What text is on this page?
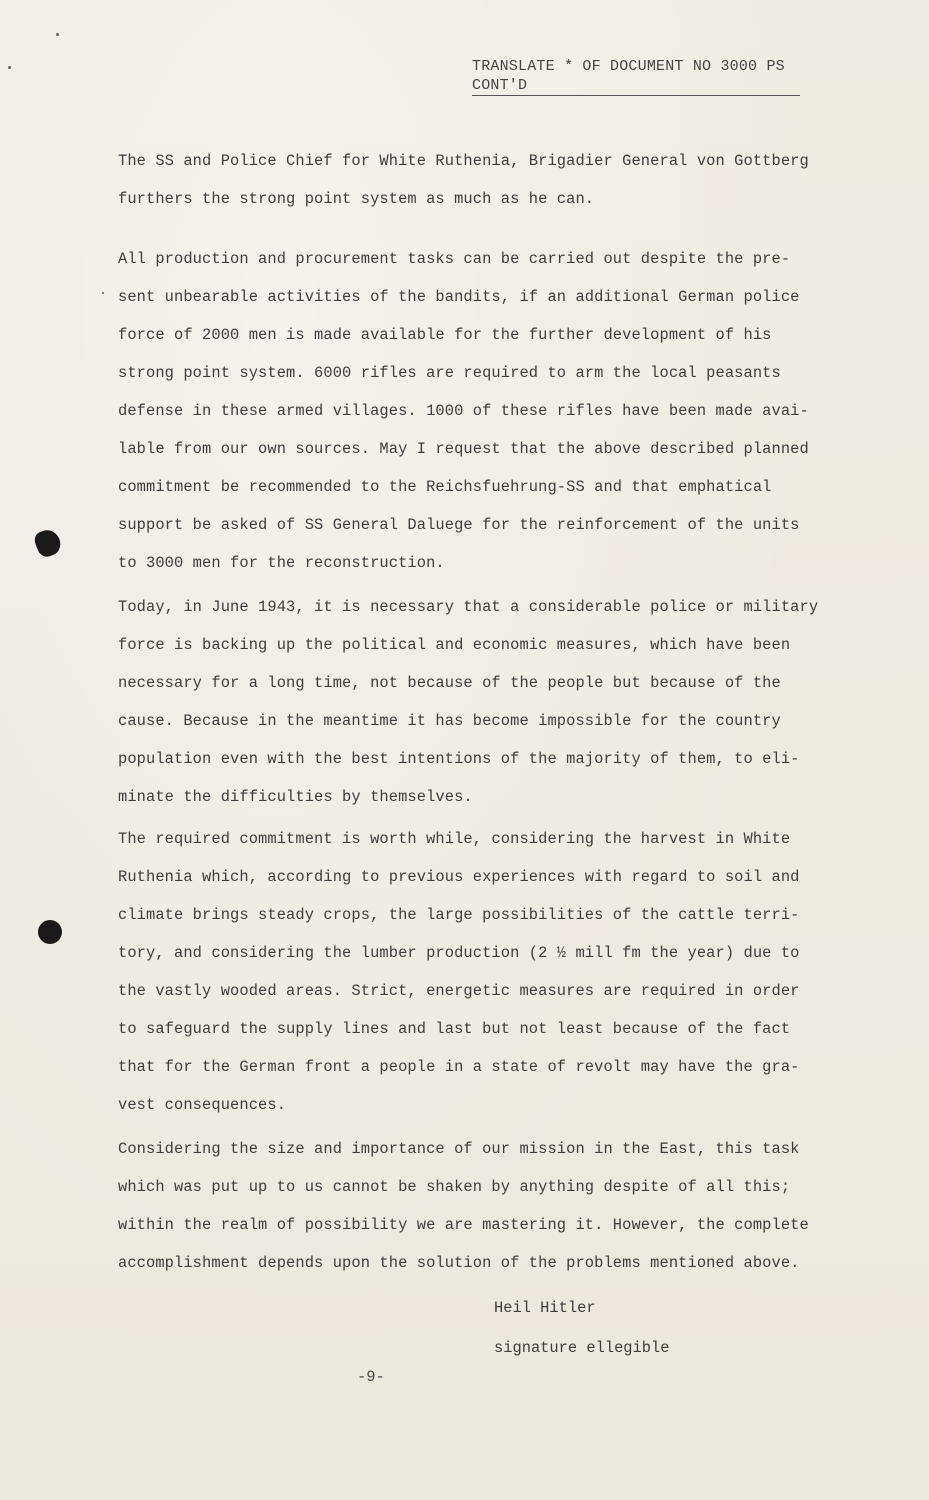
TRANSLATE * OF DOCUMENT NO 3000 PS
CONT'D
The SS and Police Chief for White Ruthenia, Brigadier General von Gottberg
furthers the strong point system as much as he can.
All production and procurement tasks can be carried out despite the pre-
sent unbearable activities of the bandits, if an additional German police
force of 2000 men is made available for the further development of his
strong point system. 6000 rifles are required to arm the local peasants
defense in these armed villages. 1000 of these rifles have been made avai-
lable from our own sources. May I request that the above described planned
commitment be recommended to the Reichsfuehrung-SS and that emphatical
support be asked of SS General Daluege for the reinforcement of the units
to 3000 men for the reconstruction.
Today, in June 1943, it is necessary that a considerable police or military
force is backing up the political and economic measures, which have been
necessary for a long time, not because of the people but because of the
cause. Because in the meantime it has become impossible for the country
population even with the best intentions of the majority of them, to eli-
minate the difficulties by themselves.
The required commitment is worth while, considering the harvest in White
Ruthenia which, according to previous experiences with regard to soil and
climate brings steady crops, the large possibilities of the cattle terri-
tory, and considering the lumber production (2 ½ mill fm the year) due to
the vastly wooded areas. Strict, energetic measures are required in order
to safeguard the supply lines and last but not least because of the fact
that for the German front a people in a state of revolt may have the gra-
vest consequences.
Considering the size and importance of our mission in the East, this task
which was put up to us cannot be shaken by anything despite of all this;
within the realm of possibility we are mastering it. However, the complete
accomplishment depends upon the solution of the problems mentioned above.
Heil Hitler
signature ellegible
-9-
